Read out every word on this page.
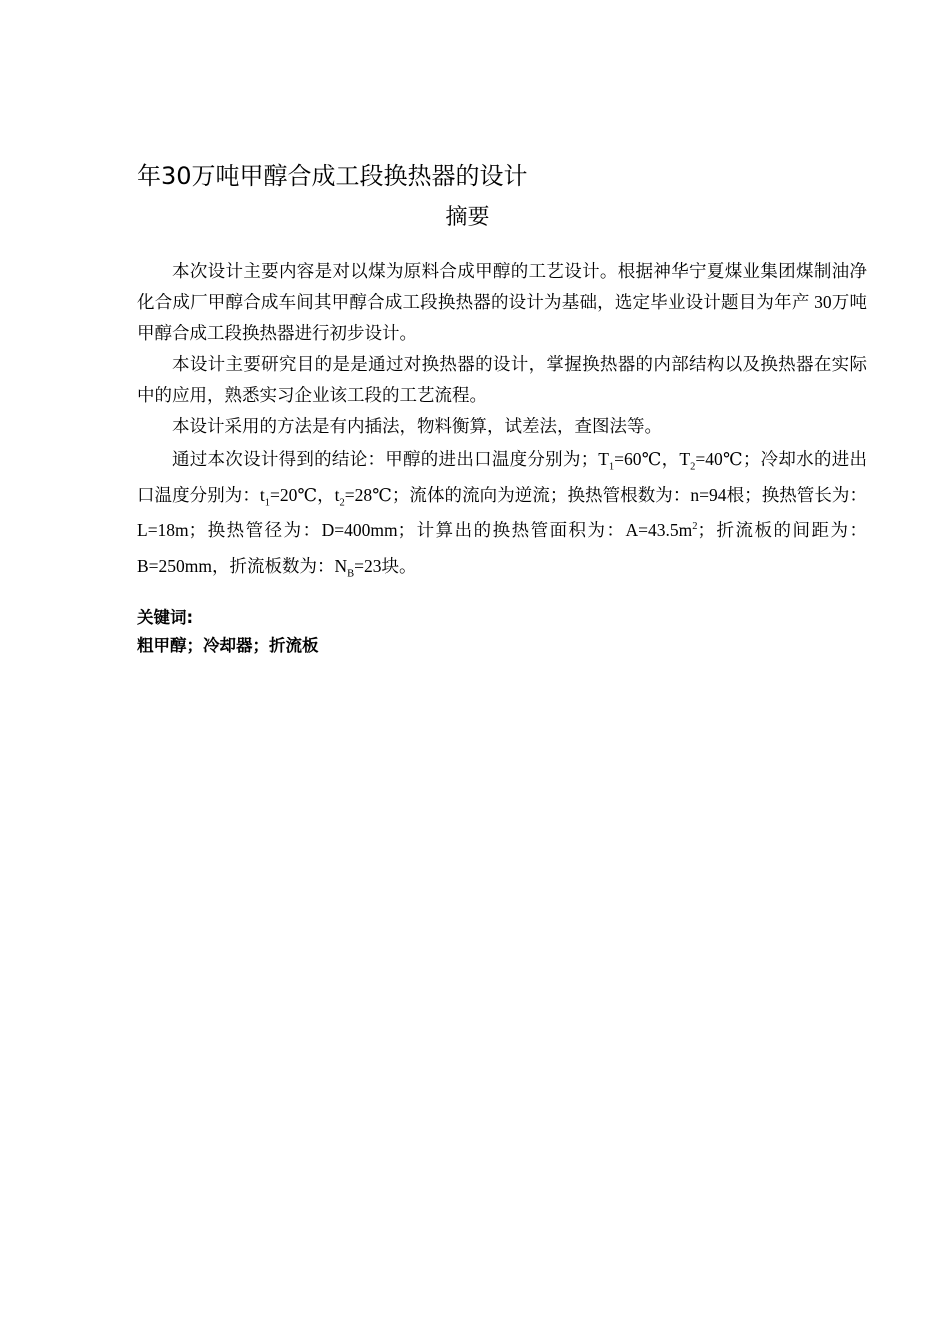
年30万吨甲醇合成工段换热器的设计
摘要

本次设计主要内容是对以煤为原料合成甲醇的工艺设计。根据神华宁夏煤业集团煤制油净化合成厂甲醇合成车间其甲醇合成工段换热器的设计为基础，选定毕业设计题目为年产 30万吨甲醇合成工段换热器进行初步设计。

本设计主要研究目的是是通过对换热器的设计，掌握换热器的内部结构以及换热器在实际中的应用，熟悉实习企业该工段的工艺流程。

本设计采用的方法是有内插法，物料衡算，试差法，查图法等。

通过本次设计得到的结论：甲醇的进出口温度分别为；$T_1=60℃$，$T_2=40℃$；冷却水的进出口温度分别为：$t_1=20℃$，$t_2=28℃$；流体的流向为逆流；换热管根数为：n=94根；换热管长为：L=18m；换热管径为：D=400mm；计算出的换热管面积为：$A=43.5m^2$；折流板的间距为：B=250mm，折流板数为：$N_B=23$块。

关键词:
粗甲醇；冷却器；折流板
